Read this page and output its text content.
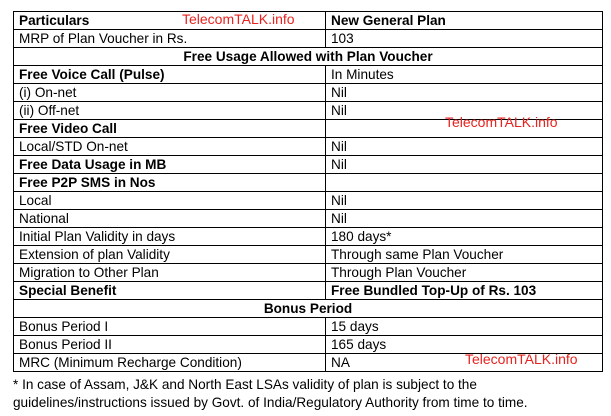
Particulars	New General Plan
MRP of Plan Voucher in Rs.	103
Free Usage Allowed with Plan Voucher	
Free Voice Call (Pulse)	In Minutes
(i) On-net	Nil
(ii) Off-net	Nil
Free Video Call	
Local/STD On-net	Nil
Free Data Usage in MB	Nil
Free P2P SMS in Nos	
Local	Nil
National	Nil
Initial Plan Validity in days	180 days*
Extension of plan Validity	Through same Plan Voucher
Migration to Other Plan	Through Plan Voucher
Special Benefit	Free Bundled Top-Up of Rs. 103
Bonus Period	
Bonus Period I	15 days
Bonus Period II	165 days
MRC (Minimum Recharge Condition)	NA

* In case of Assam, J&K and North East LSAs validity of plan is subject to the
guidelines/instructions issued by Govt. of India/Regulatory Authority from time to time.

TelecomTALK.info
TelecomTALK.info
TelecomTALK.info
